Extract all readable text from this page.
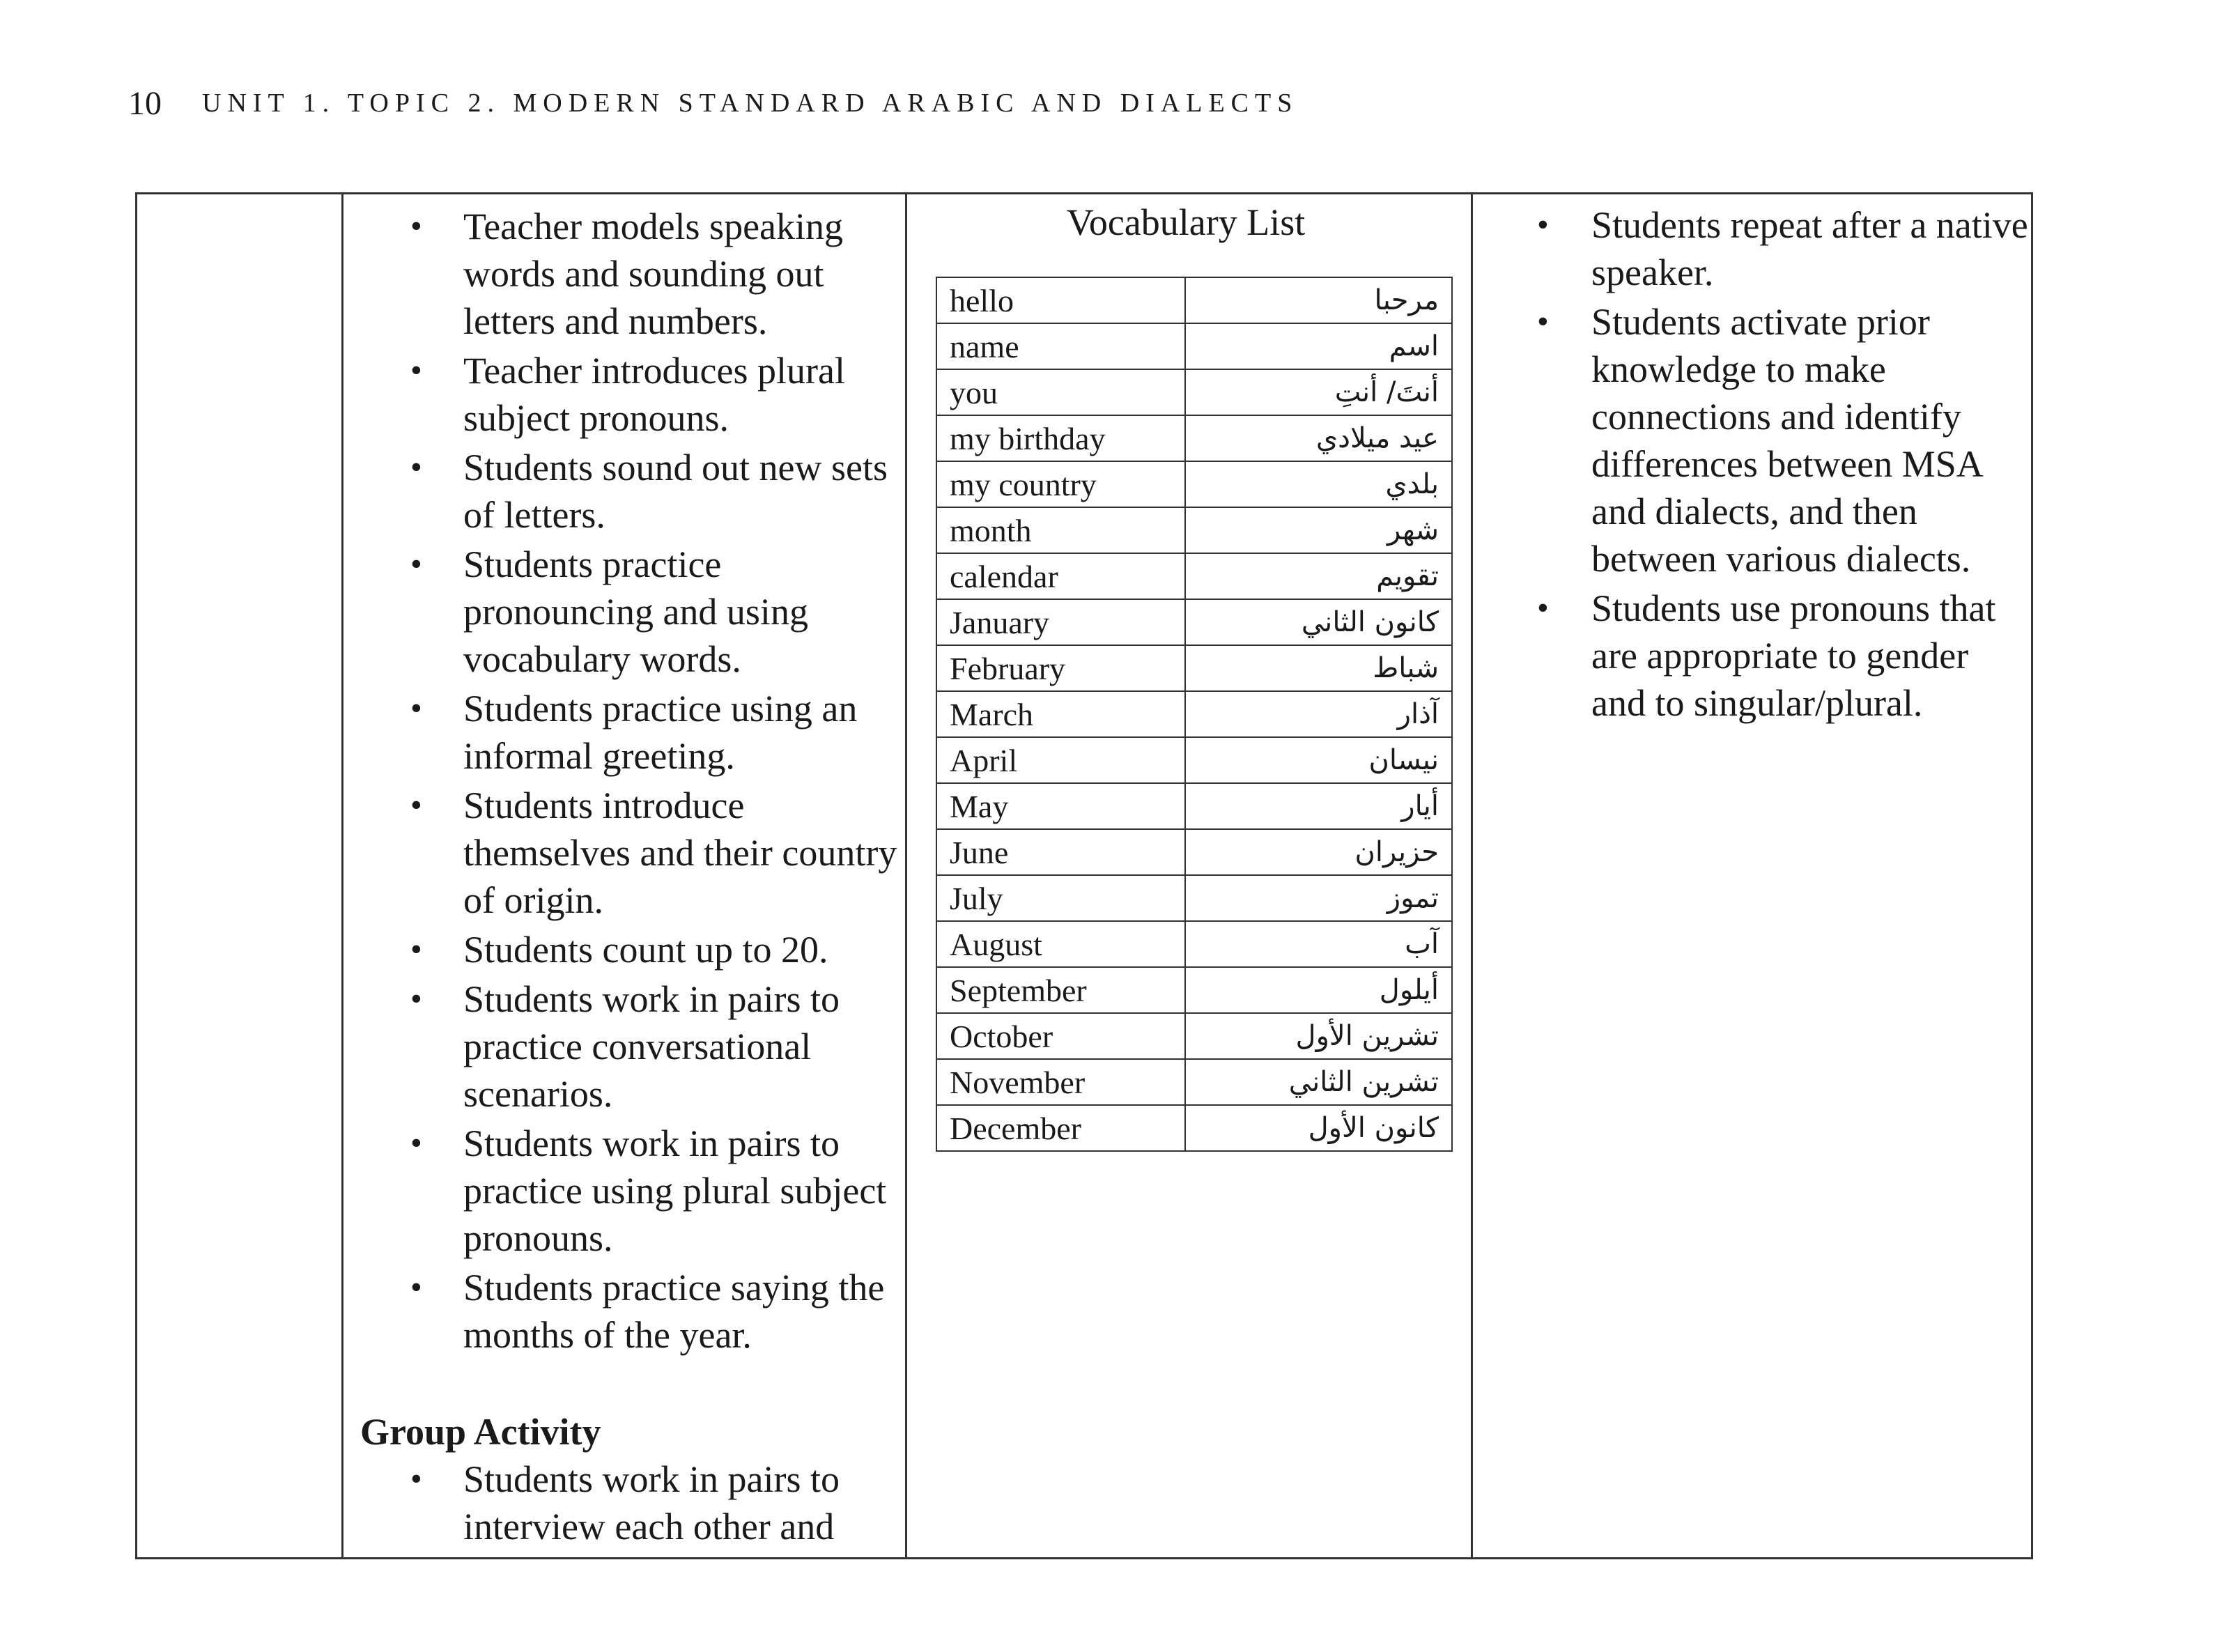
10 UNIT 1. TOPIC 2. MODERN STANDARD ARABIC AND DIALECTS
• Teacher models speaking words and sounding out letters and numbers.
• Teacher introduces plural subject pronouns.
• Students sound out new sets of letters.
• Students practice pronouncing and using vocabulary words.
• Students practice using an informal greeting.
• Students introduce themselves and their country of origin.
• Students count up to 20.
• Students work in pairs to practice conversational scenarios.
• Students work in pairs to practice using plural subject pronouns.
• Students practice saying the months of the year.

Group Activity

• Students work in pairs to interview each other and

Vocabulary List

hello	مرحبا
name	اسم
you	أنتَ/ أنتِ
my birthday	عيد ميلادي
my country	بلدي
month	شهر
calendar	تقويم
January	كانون الثاني
February	شباط
March	آذار
April	نيسان
May	أيار
June	حزيران
July	تموز
August	آب
September	أيلول
October	تشرين الأول
November	تشرين الثاني
December	كانون الأول
• Students repeat after a native speaker.
• Students activate prior knowledge to make connections and identify differences between MSA and dialects, and then between various dialects.
• Students use pronouns that are appropriate to gender and to singular/plural.
